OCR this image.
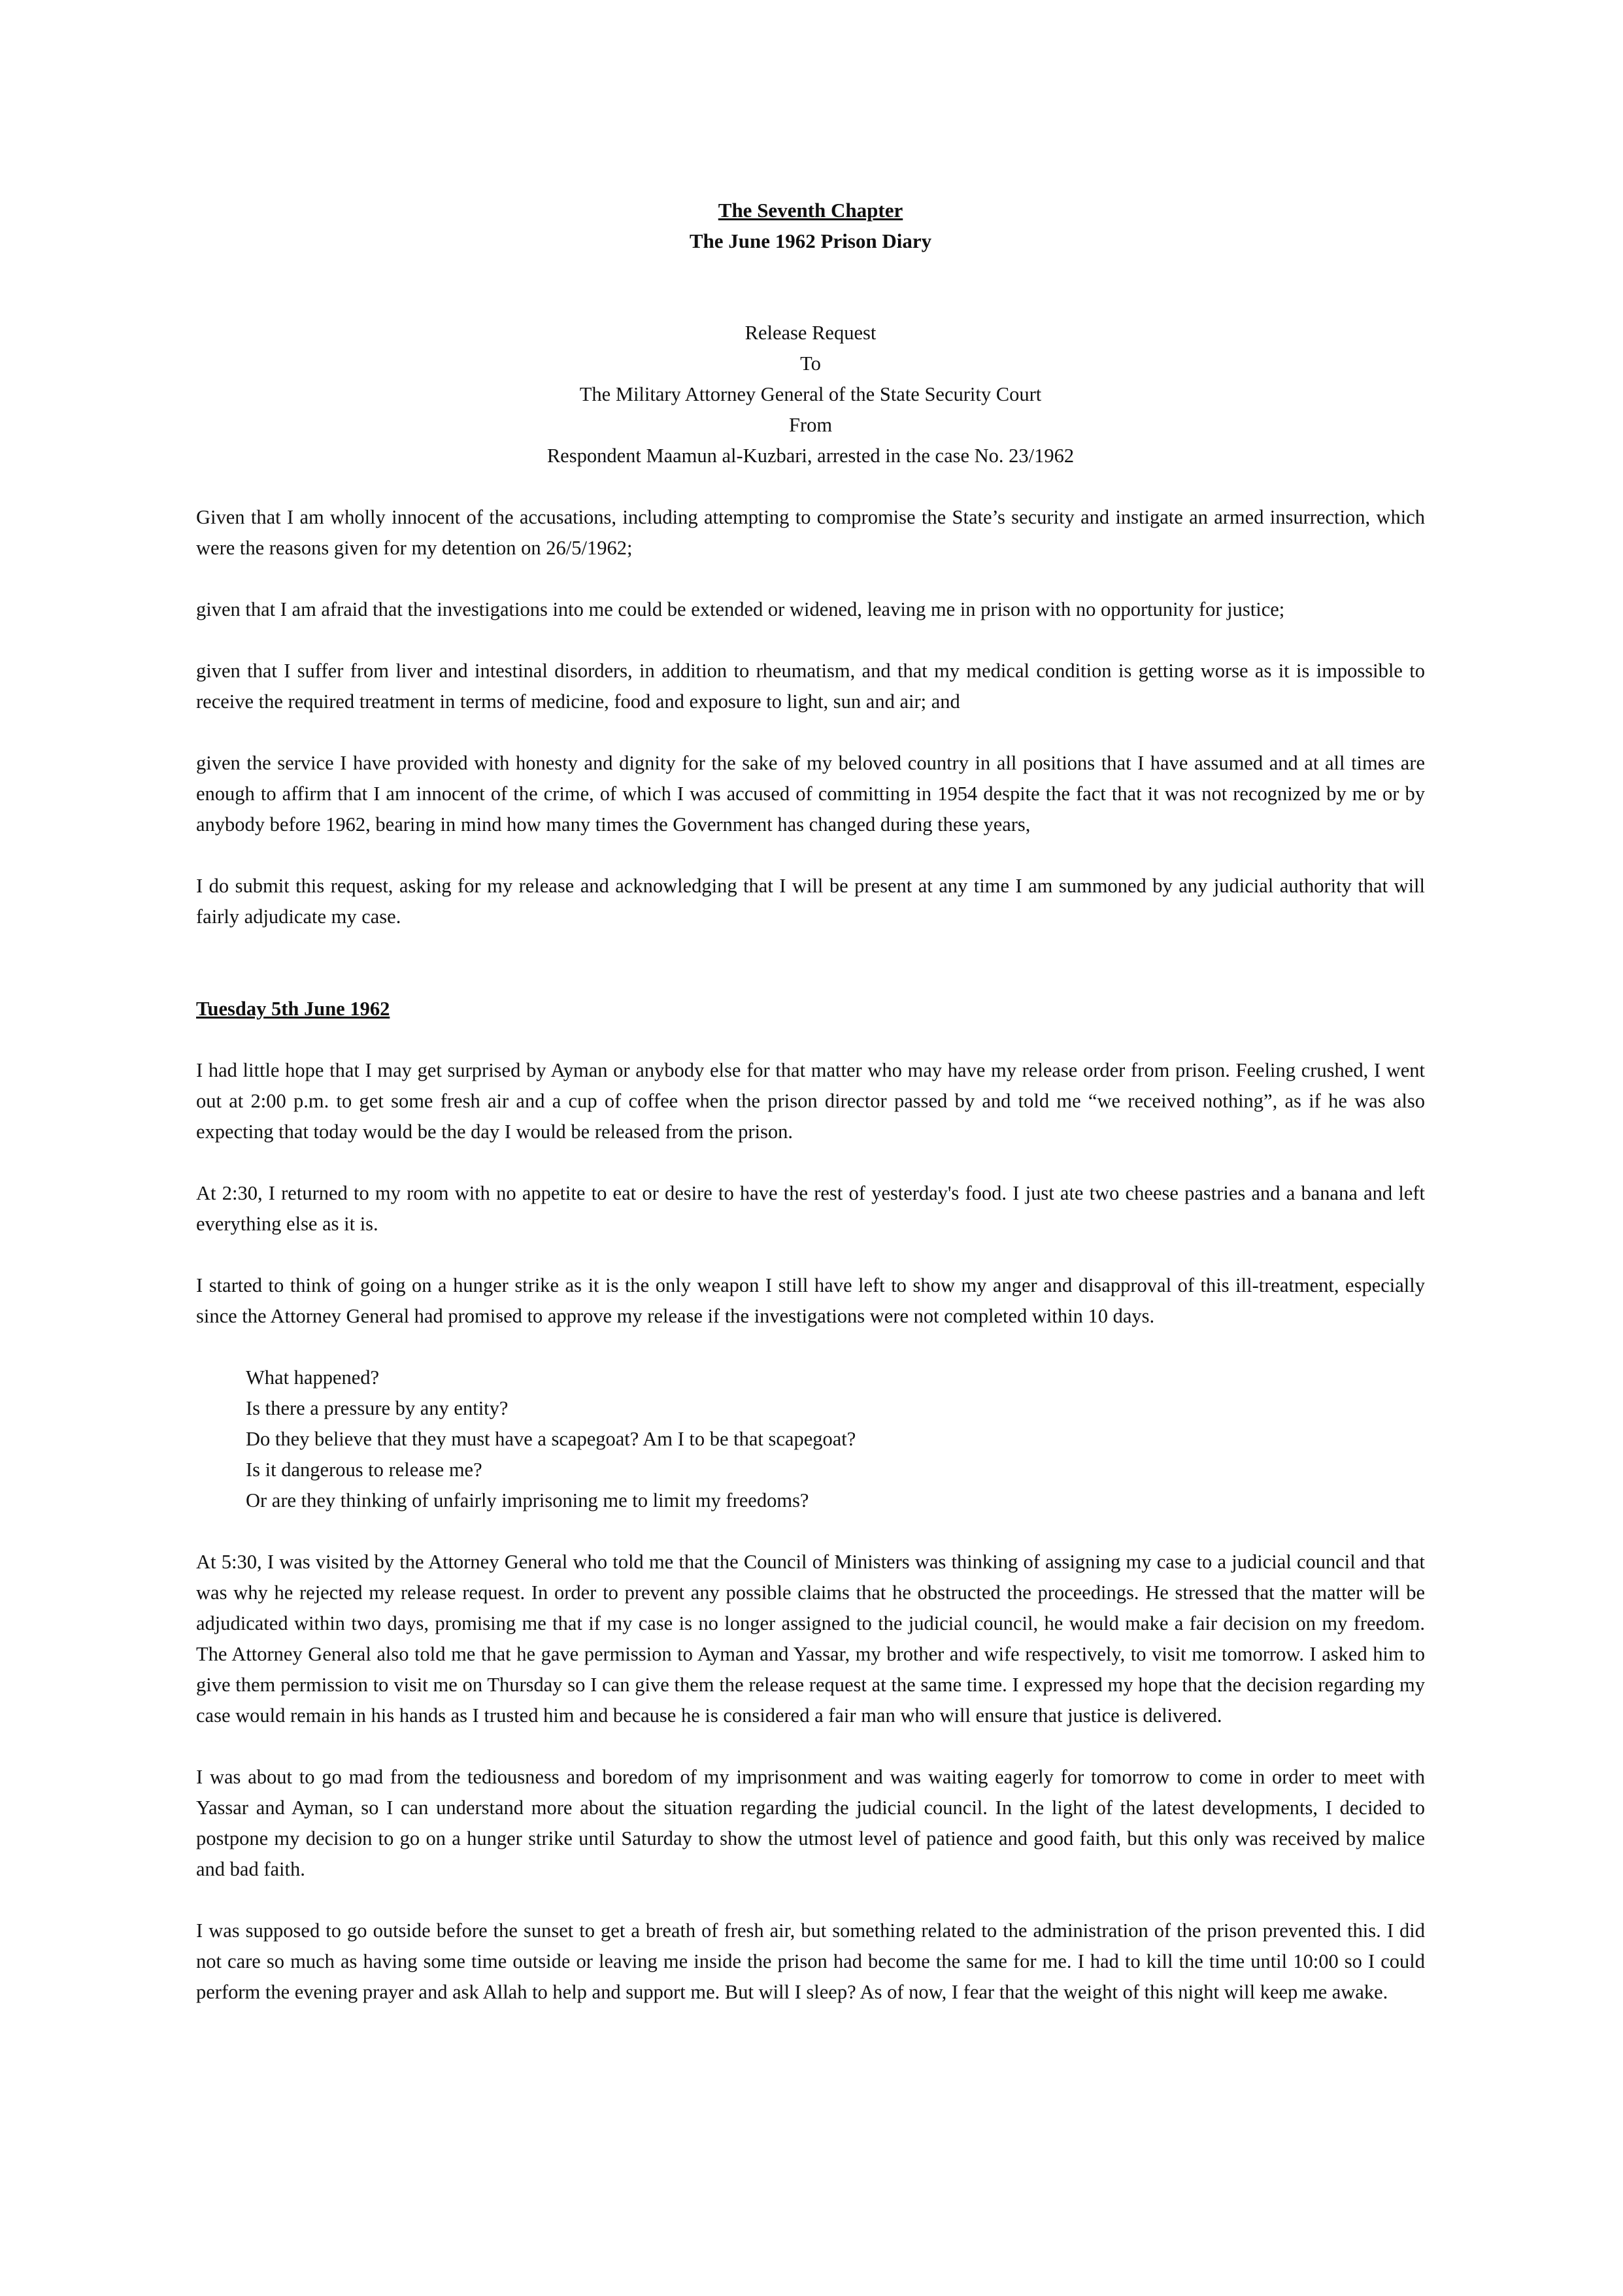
The Seventh Chapter
The June 1962 Prison Diary
Release Request
To
The Military Attorney General of the State Security Court
From
Respondent Maamun al-Kuzbari, arrested in the case No. 23/1962

Given that I am wholly innocent of the accusations, including attempting to compromise the State’s security and instigate an armed insurrection, which were the reasons given for my detention on 26/5/1962;

given that I am afraid that the investigations into me could be extended or widened, leaving me in prison with no opportunity for justice;

given that I suffer from liver and intestinal disorders, in addition to rheumatism, and that my medical condition is getting worse as it is impossible to receive the required treatment in terms of medicine, food and exposure to light, sun and air; and

given the service I have provided with honesty and dignity for the sake of my beloved country in all positions that I have assumed and at all times are enough to affirm that I am innocent of the crime, of which I was accused of committing in 1954 despite the fact that it was not recognized by me or by anybody before 1962, bearing in mind how many times the Government has changed during these years,

I do submit this request, asking for my release and acknowledging that I will be present at any time I am summoned by any judicial authority that will fairly adjudicate my case.

Tuesday 5th June 1962

I had little hope that I may get surprised by Ayman or anybody else for that matter who may have my release order from prison. Feeling crushed, I went out at 2:00 p.m. to get some fresh air and a cup of coffee when the prison director passed by and told me “we received nothing”, as if he was also expecting that today would be the day I would be released from the prison.

At 2:30, I returned to my room with no appetite to eat or desire to have the rest of yesterday's food. I just ate two cheese pastries and a banana and left everything else as it is.

I started to think of going on a hunger strike as it is the only weapon I still have left to show my anger and disapproval of this ill-treatment, especially since the Attorney General had promised to approve my release if the investigations were not completed within 10 days.

What happened?
Is there a pressure by any entity?
Do they believe that they must have a scapegoat? Am I to be that scapegoat?
Is it dangerous to release me?
Or are they thinking of unfairly imprisoning me to limit my freedoms?

At 5:30, I was visited by the Attorney General who told me that the Council of Ministers was thinking of assigning my case to a judicial council and that was why he rejected my release request. In order to prevent any possible claims that he obstructed the proceedings. He stressed that the matter will be adjudicated within two days, promising me that if my case is no longer assigned to the judicial council, he would make a fair decision on my freedom. The Attorney General also told me that he gave permission to Ayman and Yassar, my brother and wife respectively, to visit me tomorrow. I asked him to give them permission to visit me on Thursday so I can give them the release request at the same time. I expressed my hope that the decision regarding my case would remain in his hands as I trusted him and because he is considered a fair man who will ensure that justice is delivered.

I was about to go mad from the tediousness and boredom of my imprisonment and was waiting eagerly for tomorrow to come in order to meet with Yassar and Ayman, so I can understand more about the situation regarding the judicial council. In the light of the latest developments, I decided to postpone my decision to go on a hunger strike until Saturday to show the utmost level of patience and good faith, but this only was received by malice and bad faith.

I was supposed to go outside before the sunset to get a breath of fresh air, but something related to the administration of the prison prevented this. I did not care so much as having some time outside or leaving me inside the prison had become the same for me. I had to kill the time until 10:00 so I could perform the evening prayer and ask Allah to help and support me. But will I sleep? As of now, I fear that the weight of this night will keep me awake.
